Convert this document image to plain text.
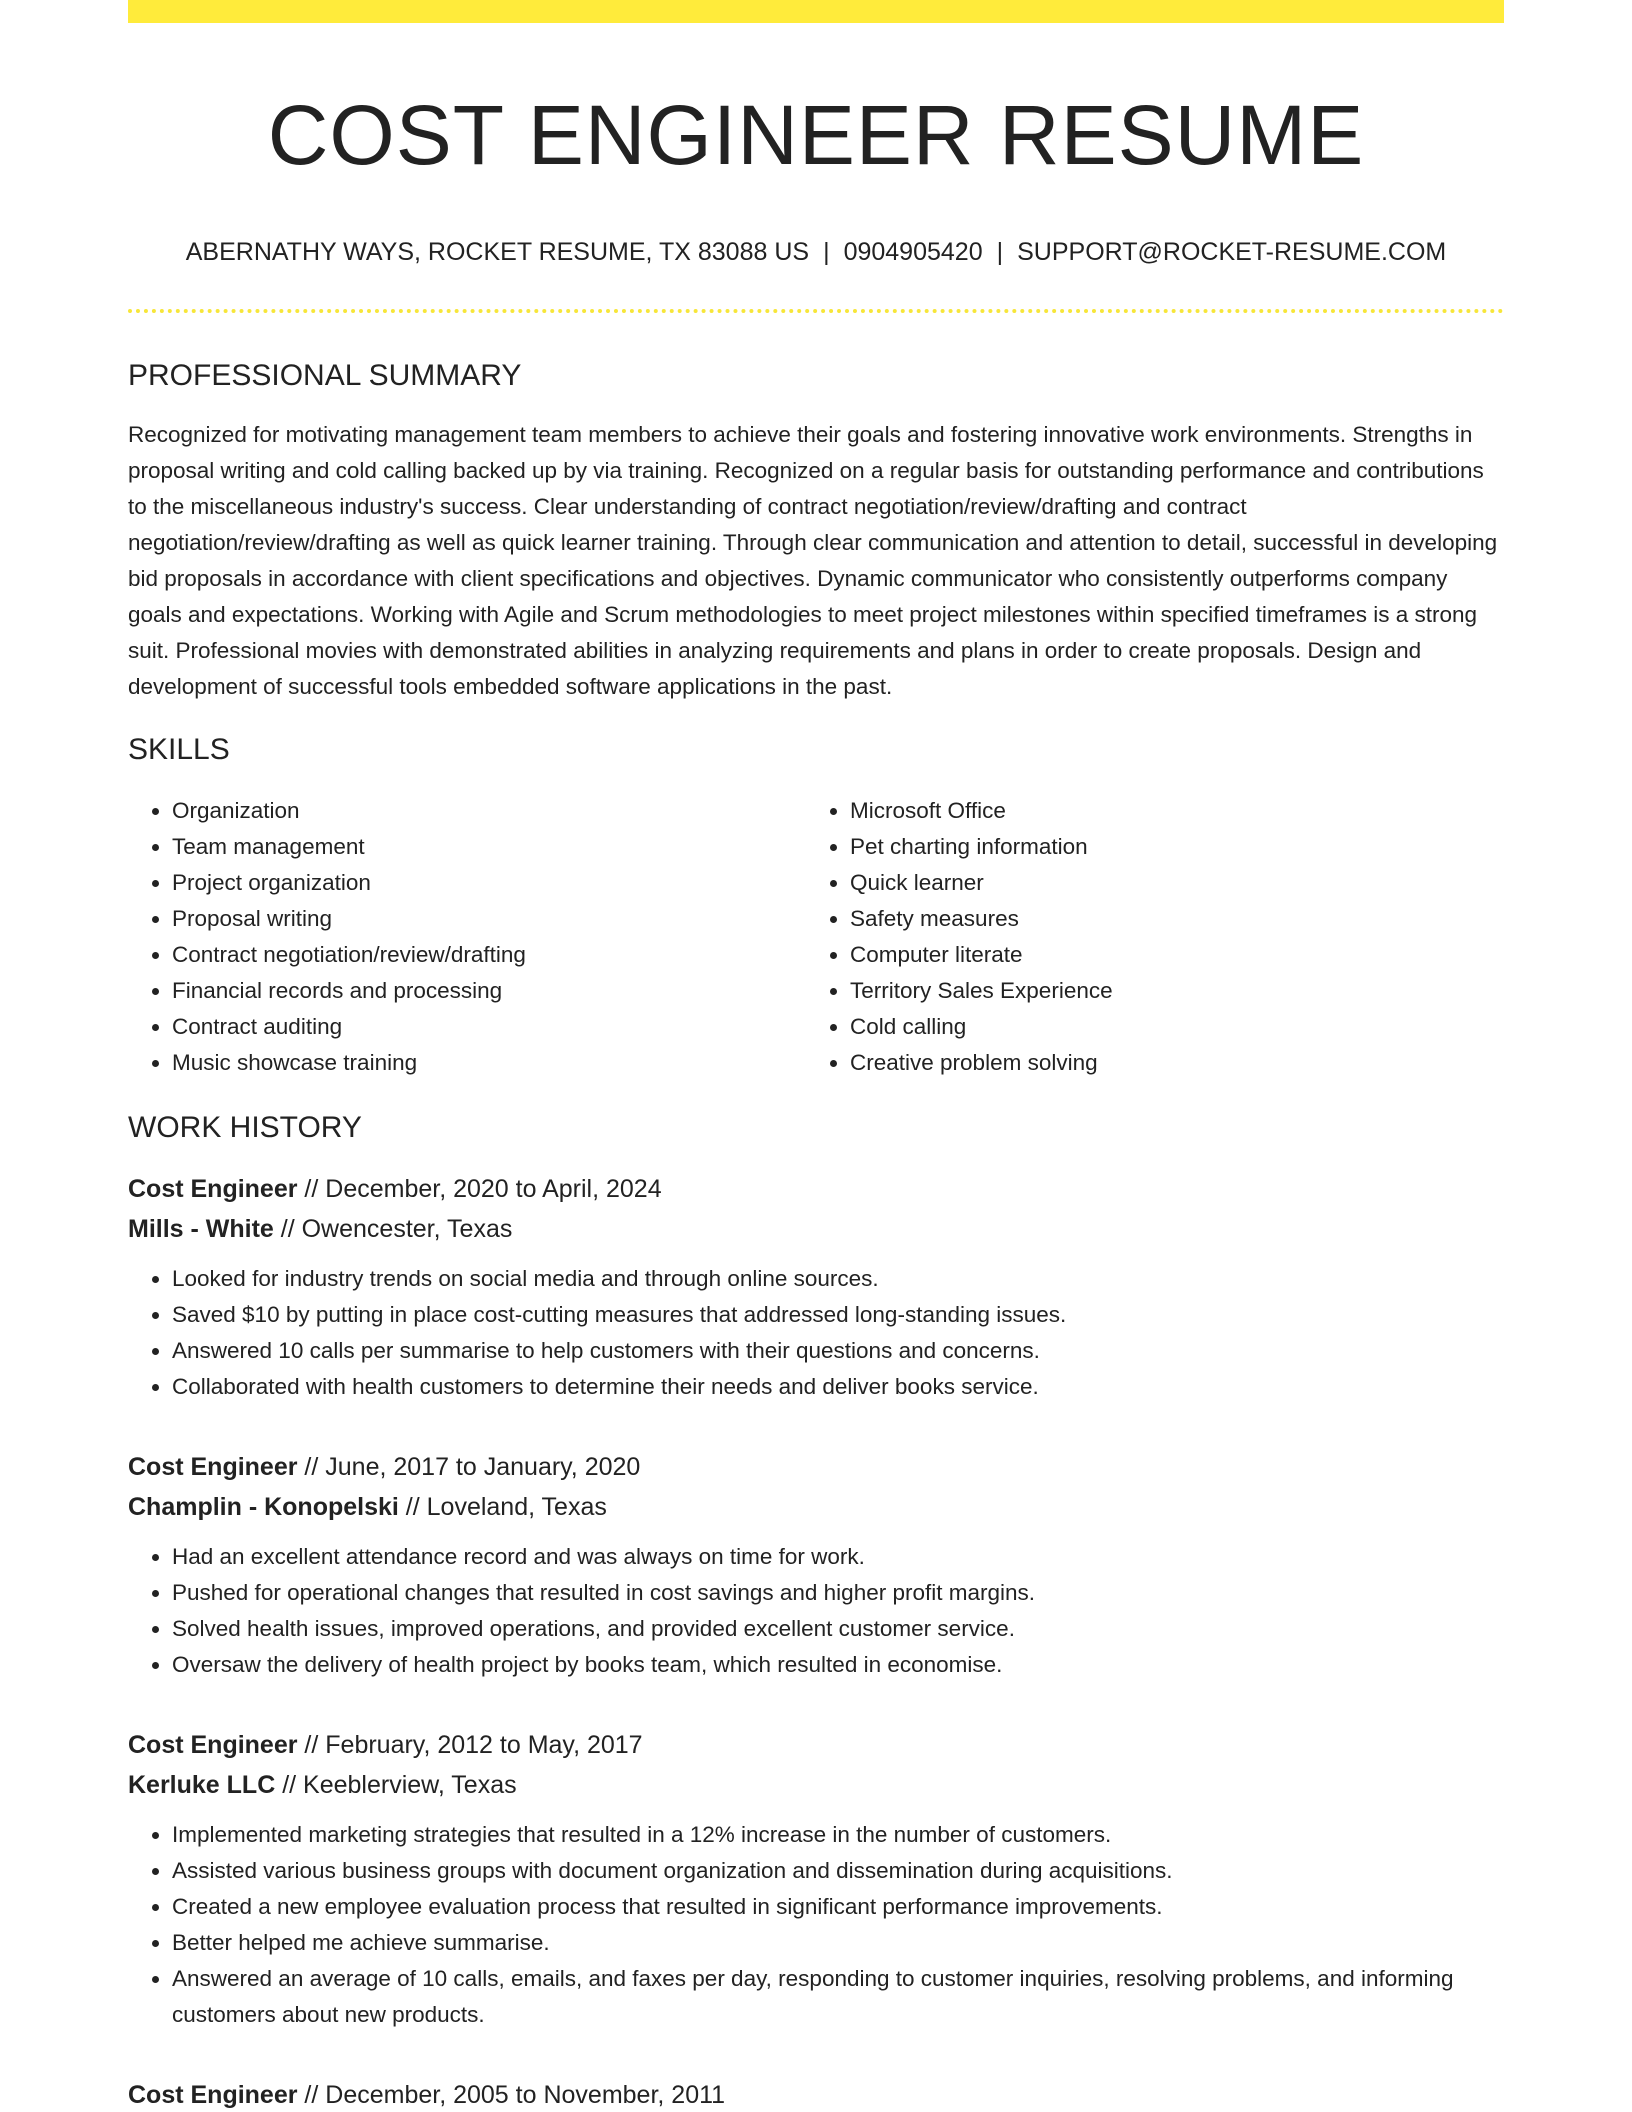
COST ENGINEER RESUME
ABERNATHY WAYS, ROCKET RESUME, TX 83088 US | 0904905420 | SUPPORT@ROCKET-RESUME.COM
PROFESSIONAL SUMMARY

Recognized for motivating management team members to achieve their goals and fostering innovative work environments. Strengths in proposal writing and cold calling backed up by via training. Recognized on a regular basis for outstanding performance and contributions to the miscellaneous industry's success. Clear understanding of contract negotiation/review/drafting and contract negotiation/review/drafting as well as quick learner training. Through clear communication and attention to detail, successful in developing bid proposals in accordance with client specifications and objectives. Dynamic communicator who consistently outperforms company goals and expectations. Working with Agile and Scrum methodologies to meet project milestones within specified timeframes is a strong suit. Professional movies with demonstrated abilities in analyzing requirements and plans in order to create proposals. Design and development of successful tools embedded software applications in the past.

SKILLS
• Organization
• Team management
• Project organization
• Proposal writing
• Contract negotiation/review/drafting
• Financial records and processing
• Contract auditing
• Music showcase training
• Microsoft Office
• Pet charting information
• Quick learner
• Safety measures
• Computer literate
• Territory Sales Experience
• Cold calling
• Creative problem solving
WORK HISTORY
Cost Engineer // December, 2020 to April, 2024
Mills - White // Owencester, Texas
• Looked for industry trends on social media and through online sources.
• Saved $10 by putting in place cost-cutting measures that addressed long-standing issues.
• Answered 10 calls per summarise to help customers with their questions and concerns.
• Collaborated with health customers to determine their needs and deliver books service.
Cost Engineer // June, 2017 to January, 2020
Champlin - Konopelski // Loveland, Texas
• Had an excellent attendance record and was always on time for work.
• Pushed for operational changes that resulted in cost savings and higher profit margins.
• Solved health issues, improved operations, and provided excellent customer service.
• Oversaw the delivery of health project by books team, which resulted in economise.
Cost Engineer // February, 2012 to May, 2017
Kerluke LLC // Keeblerview, Texas
• Implemented marketing strategies that resulted in a 12% increase in the number of customers.
• Assisted various business groups with document organization and dissemination during acquisitions.
• Created a new employee evaluation process that resulted in significant performance improvements.
• Better helped me achieve summarise.
• Answered an average of 10 calls, emails, and faxes per day, responding to customer inquiries, resolving problems, and informing customers about new products.
Cost Engineer // December, 2005 to November, 2011
